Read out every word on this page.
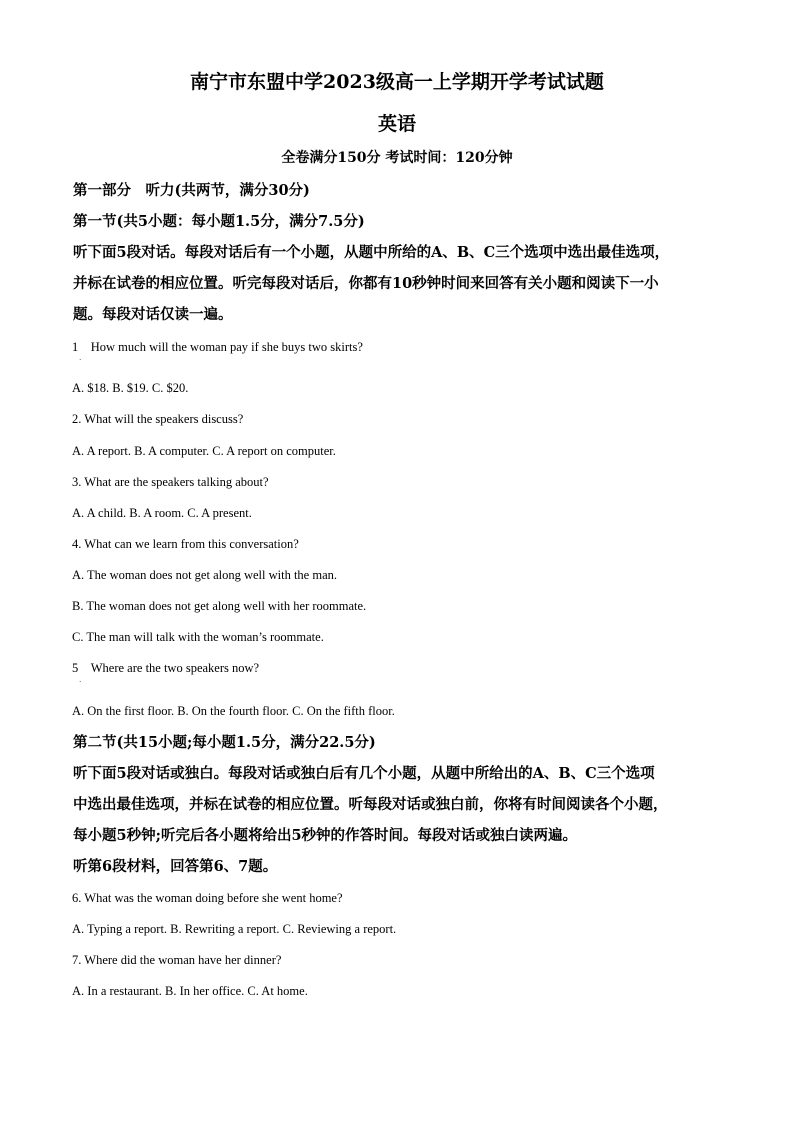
南宁市东盟中学2023级高一上学期开学考试试题
英语
全卷满分150分 考试时间：120分钟
第一部分　听力(共两节，满分30分)
第一节(共5小题：每小题1.5分，满分7.5分)
听下面5段对话。每段对话后有一个小题，从题中所给的A、B、C三个选项中选出最佳选项，
并标在试卷的相应位置。听完每段对话后，你都有10秒钟时间来回答有关小题和阅读下一小
题。每段对话仅读一遍。
1　How much will the woman pay if she buys two skirts?
·
A. $18. B. $19. C. $20.
2. What will the speakers discuss?
A. A report. B. A computer. C. A report on computer.
3. What are the speakers talking about?
A. A child. B. A room. C. A present.
4. What can we learn from this conversation?
A. The woman does not get along well with the man.
B. The woman does not get along well with her roommate.
C. The man will talk with the woman’s roommate.
5　Where are the two speakers now?
·
A. On the first floor. B. On the fourth floor. C. On the fifth floor.
第二节(共15小题;每小题1.5分，满分22.5分)
听下面5段对话或独白。每段对话或独白后有几个小题，从题中所给出的A、B、C三个选项
中选出最佳选项，并标在试卷的相应位置。听每段对话或独白前，你将有时间阅读各个小题，
每小题5秒钟;听完后各小题将给出5秒钟的作答时间。每段对话或独白读两遍。
听第6段材料，回答第6、7题。
6. What was the woman doing before she went home?
A. Typing a report. B. Rewriting a report. C. Reviewing a report.
7. Where did the woman have her dinner?
A. In a restaurant. B. In her office. C. At home.
